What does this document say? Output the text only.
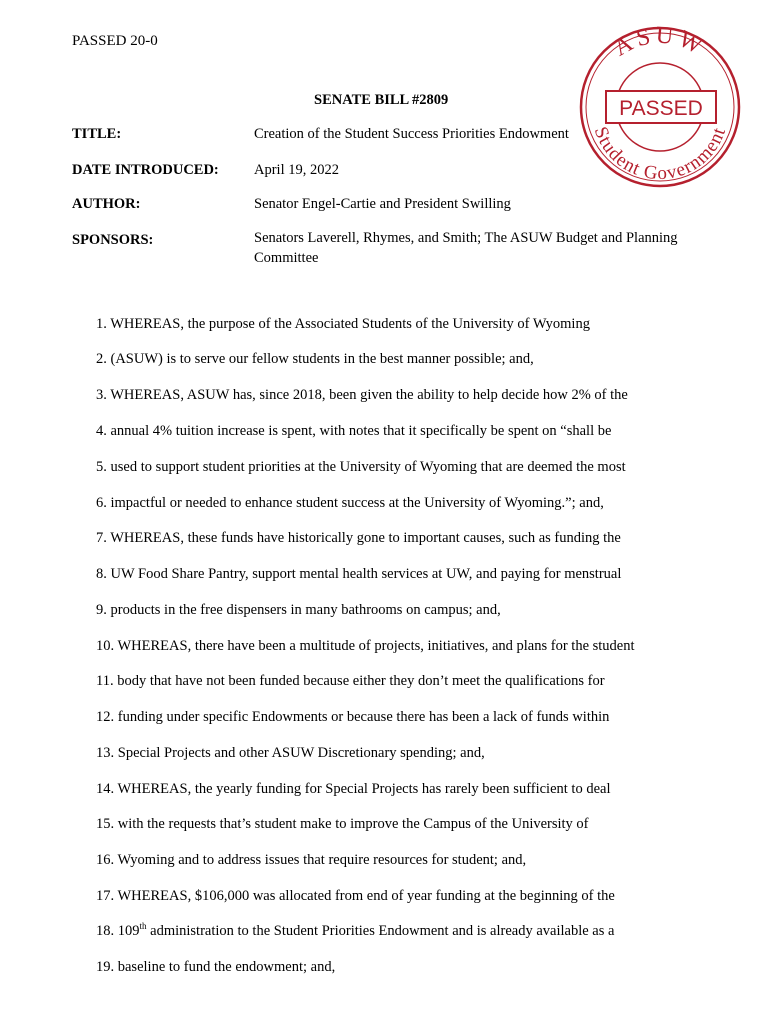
PASSED 20-0	ASUW
Student Government
PASSED
SENATE BILL #2809
TITLE:	Creation of the Student Success Priorities Endowment
DATE INTRODUCED: April 19, 2022
AUTHOR:	Senator Engel-Cartie and President Swilling
SPONSORS:	Senators Laverell, Rhymes, and Smith; The ASUW Budget and Planning Committee
1. WHEREAS, the purpose of the Associated Students of the University of Wyoming
2. (ASUW) is to serve our fellow students in the best manner possible; and,
3. WHEREAS, ASUW has, since 2018, been given the ability to help decide how 2% of the
4. annual 4% tuition increase is spent, with notes that it specifically be spent on “shall be
5. used to support student priorities at the University of Wyoming that are deemed the most
6. impactful or needed to enhance student success at the University of Wyoming.”; and,
7. WHEREAS, these funds have historically gone to important causes, such as funding the
8. UW Food Share Pantry, support mental health services at UW, and paying for menstrual
9. products in the free dispensers in many bathrooms on campus; and,
10. WHEREAS, there have been a multitude of projects, initiatives, and plans for the student
11. body that have not been funded because either they don’t meet the qualifications for
12. funding under specific Endowments or because there has been a lack of funds within
13. Special Projects and other ASUW Discretionary spending; and,
14. WHEREAS, the yearly funding for Special Projects has rarely been sufficient to deal
15. with the requests that’s student make to improve the Campus of the University of
16. Wyoming and to address issues that require resources for student; and,
17. WHEREAS, $106,000 was allocated from end of year funding at the beginning of the
18. 109th administration to the Student Priorities Endowment and is already available as a
19. baseline to fund the endowment; and,
